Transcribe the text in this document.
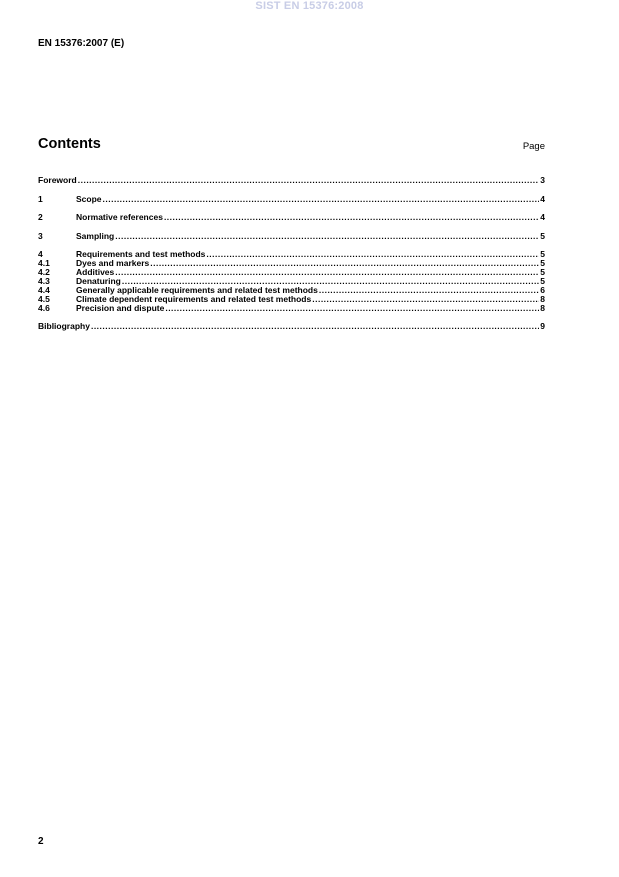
SIST EN 15376:2008
EN 15376:2007 (E)
Contents	Page
Foreword .....	3
1	Scope .....	4
2	Normative references .....	4
3	Sampling .....	5
4	Requirements and test methods .....	5
4.1	Dyes and markers .....	5
4.2	Additives .....	5
4.3	Denaturing .....	5
4.4	Generally applicable requirements and related test methods .....	6
4.5	Climate dependent requirements and related test methods .....	8
4.6	Precision and dispute .....	8
Bibliography .....	9
2
